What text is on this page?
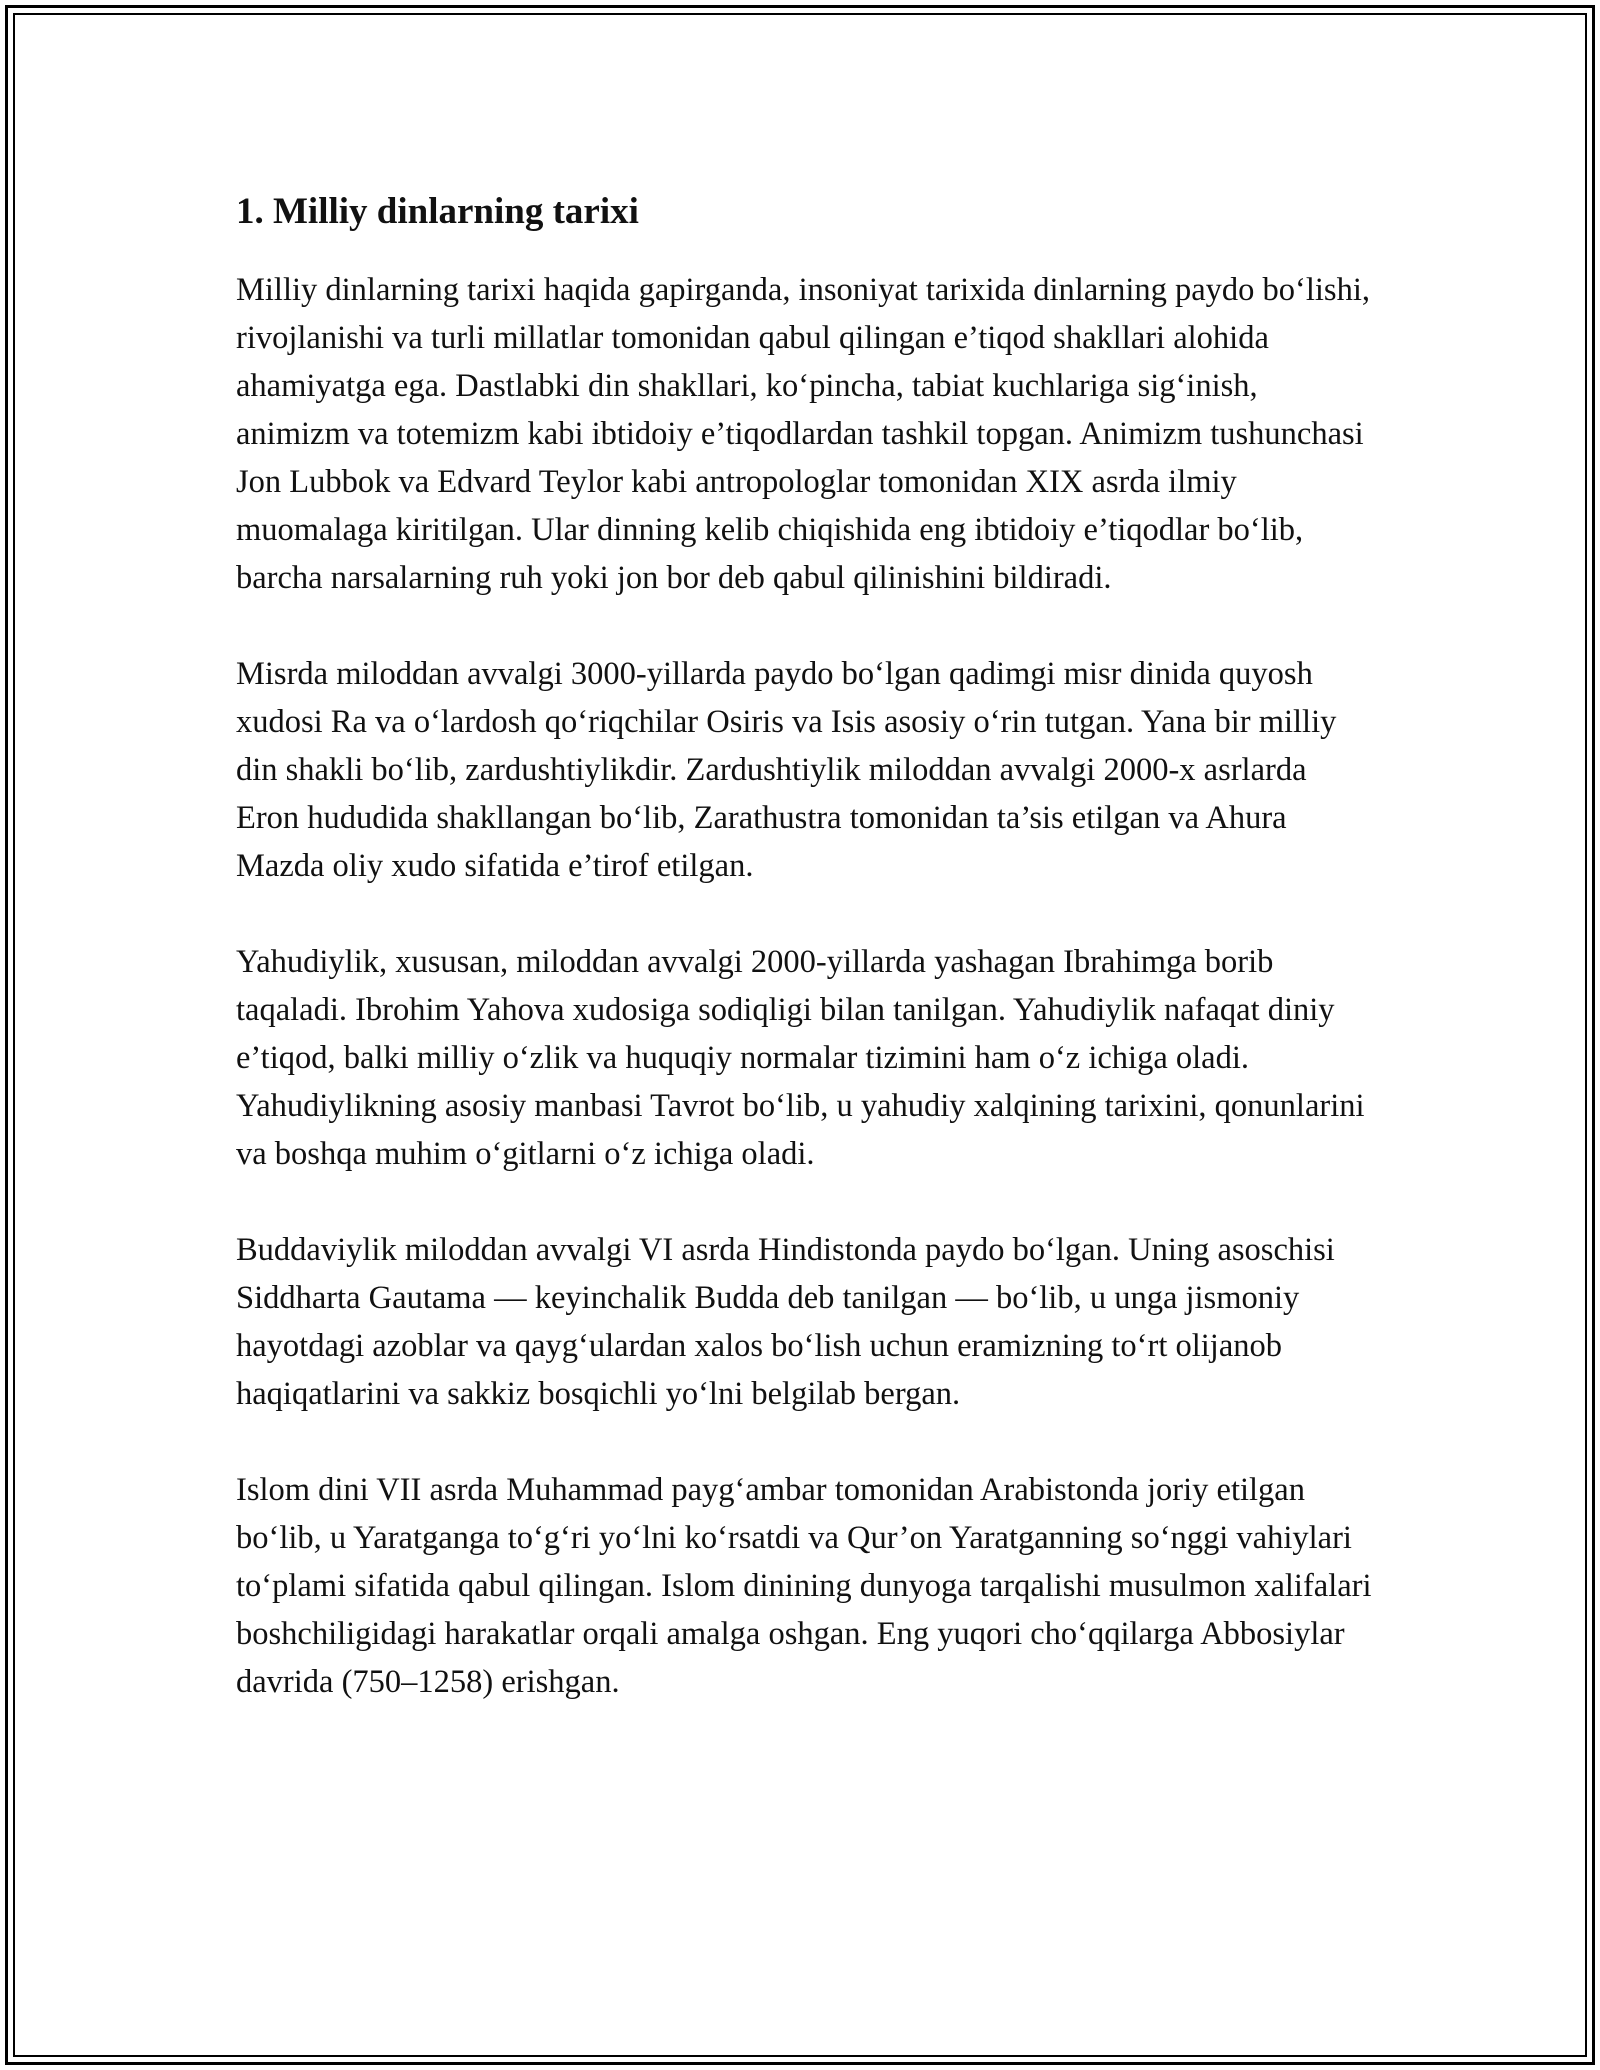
1. Milliy dinlarning tarixi

Milliy dinlarning tarixi haqida gapirganda, insoniyat tarixida dinlarning paydo bo‘lishi, rivojlanishi va turli millatlar tomonidan qabul qilingan e’tiqod shakllari alohida ahamiyatga ega. Dastlabki din shakllari, ko‘pincha, tabiat kuchlariga sig‘inish, animizm va totemizm kabi ibtidoiy e’tiqodlardan tashkil topgan. Animizm tushunchasi Jon Lubbok va Edvard Teylor kabi antropologlar tomonidan XIX asrda ilmiy muomalaga kiritilgan. Ular dinning kelib chiqishida eng ibtidoiy e’tiqodlar bo‘lib, barcha narsalarning ruh yoki jon bor deb qabul qilinishini bildiradi.

Misrda miloddan avvalgi 3000-yillarda paydo bo‘lgan qadimgi misr dinida quyosh xudosi Ra va o‘lardosh qo‘riqchilar Osiris va Isis asosiy o‘rin tutgan. Yana bir milliy din shakli bo‘lib, zardushtiylikdir. Zardushtiylik miloddan avvalgi 2000-x asrlarda Eron hududida shakllangan bo‘lib, Zarathustra tomonidan ta’sis etilgan va Ahura Mazda oliy xudo sifatida e’tirof etilgan.

Yahudiylik, xususan, miloddan avvalgi 2000-yillarda yashagan Ibrahimga borib taqaladi. Ibrohim Yahova xudosiga sodiqligi bilan tanilgan. Yahudiylik nafaqat diniy e’tiqod, balki milliy o‘zlik va huquqiy normalar tizimini ham o‘z ichiga oladi. Yahudiylikning asosiy manbasi Tavrot bo‘lib, u yahudiy xalqining tarixini, qonunlarini va boshqa muhim o‘gitlarni o‘z ichiga oladi.

Buddaviylik miloddan avvalgi VI asrda Hindistonda paydo bo‘lgan. Uning asoschisi Siddharta Gautama — keyinchalik Budda deb tanilgan — bo‘lib, u unga jismoniy hayotdagi azoblar va qayg‘ulardan xalos bo‘lish uchun eramizning to‘rt olijanob haqiqatlarini va sakkiz bosqichli yo‘lni belgilab bergan.

Islom dini VII asrda Muhammad payg‘ambar tomonidan Arabistonda joriy etilgan bo‘lib, u Yaratganga to‘g‘ri yo‘lni ko‘rsatdi va Qur’on Yaratganning so‘nggi vahiylari to‘plami sifatida qabul qilingan. Islom dinining dunyoga tarqalishi musulmon xalifalari boshchiligidagi harakatlar orqali amalga oshgan. Eng yuqori cho‘qqilarga Abbosiylar davrida (750–1258) erishgan.
